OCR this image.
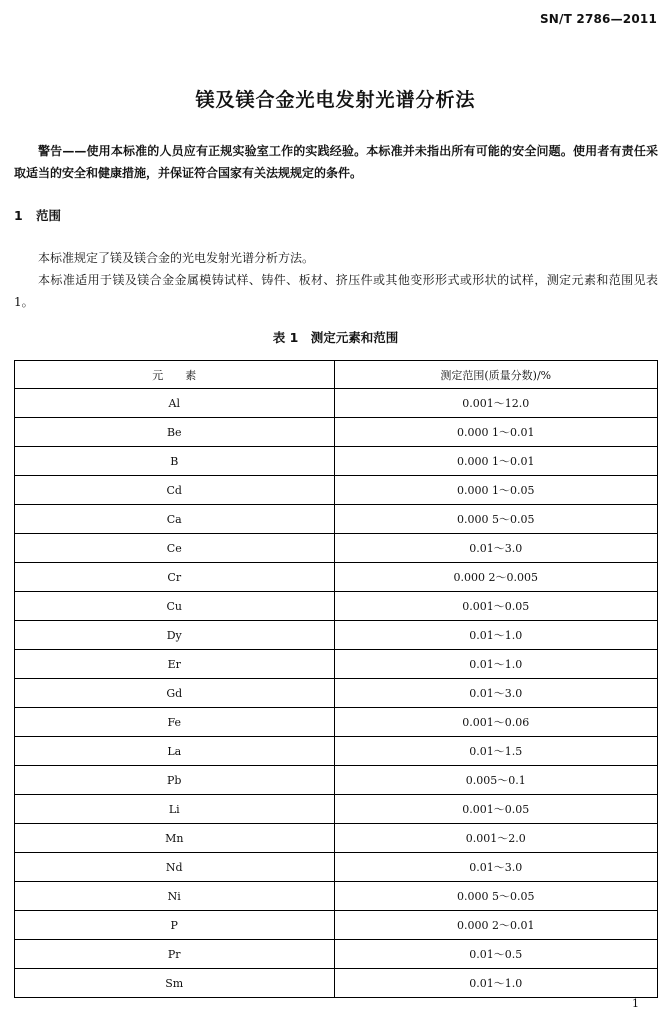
SN/T 2786—2011
镁及镁合金光电发射光谱分析法

警告——使用本标准的人员应有正规实验室工作的实践经验。本标准并未指出所有可能的安全问题。使用者有责任采取适当的安全和健康措施，并保证符合国家有关法规规定的条件。

1 范围

本标准规定了镁及镁合金的光电发射光谱分析方法。

本标准适用于镁及镁合金金属模铸试样、铸件、板材、挤压件或其他变形形式或形状的试样，测定元素和范围见表 1。

表 1　测定元素和范围
元　　素	测定范围(质量分数)/%
Al	0.001～12.0
Be	0.000 1～0.01
B	0.000 1～0.01
Cd	0.000 1～0.05
Ca	0.000 5～0.05
Ce	0.01～3.0
Cr	0.000 2～0.005
Cu	0.001～0.05
Dy	0.01～1.0
Er	0.01～1.0
Gd	0.01～3.0
Fe	0.001～0.06
La	0.01～1.5
Pb	0.005～0.1
Li	0.001～0.05
Mn	0.001～2.0
Nd	0.01～3.0
Ni	0.000 5～0.05
P	0.000 2～0.01
Pr	0.01～0.5
Sm	0.01～1.0
1
